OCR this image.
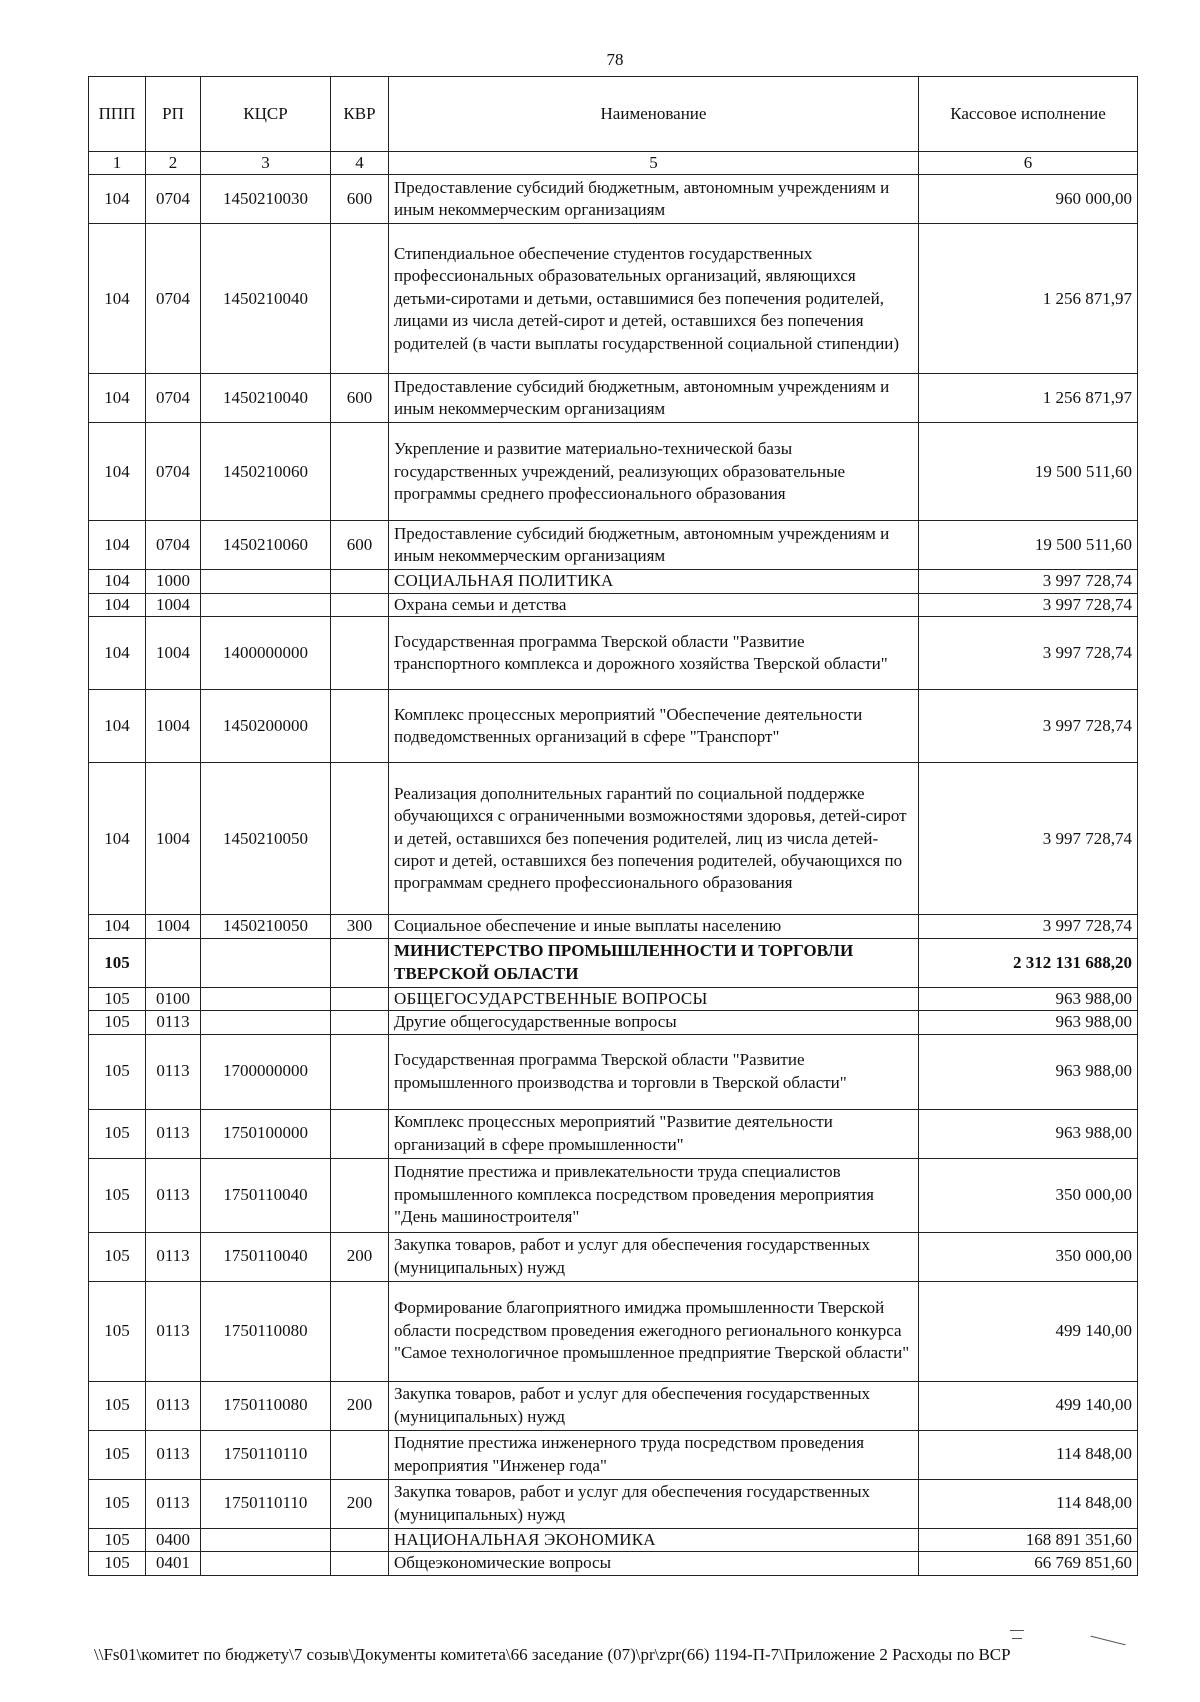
78
ППП	РП	КЦСР	КВР	Наименование	Кассовое исполнение
1	2	3	4	5	6
104	0704	1450210030	600	Предоставление субсидий бюджетным, автономным учреждениям и иным некоммерческим организациям	960 000,00
104	0704	1450210040		Стипендиальное обеспечение студентов государственных профессиональных образовательных организаций, являющихся детьми-сиротами и детьми, оставшимися без попечения родителей, лицами из числа детей-сирот и детей, оставшихся без попечения родителей (в части выплаты государственной социальной стипендии)	1 256 871,97
104	0704	1450210040	600	Предоставление субсидий бюджетным, автономным учреждениям и иным некоммерческим организациям	1 256 871,97
104	0704	1450210060		Укрепление и развитие материально-технической базы государственных учреждений, реализующих образовательные программы среднего профессионального образования	19 500 511,60
104	0704	1450210060	600	Предоставление субсидий бюджетным, автономным учреждениям и иным некоммерческим организациям	19 500 511,60
104	1000			СОЦИАЛЬНАЯ ПОЛИТИКА	3 997 728,74
104	1004			Охрана семьи и детства	3 997 728,74
104	1004	1400000000		Государственная программа Тверской области "Развитие транспортного комплекса и дорожного хозяйства Тверской области"	3 997 728,74
104	1004	1450200000		Комплекс процессных мероприятий "Обеспечение деятельности подведомственных организаций в сфере "Транспорт"	3 997 728,74
104	1004	1450210050		Реализация дополнительных гарантий по социальной поддержке обучающихся с ограниченными возможностями здоровья, детей-сирот и детей, оставшихся без попечения родителей, лиц из числа детей-сирот и детей, оставшихся без попечения родителей, обучающихся по программам среднего профессионального образования	3 997 728,74
104	1004	1450210050	300	Социальное обеспечение и иные выплаты населению	3 997 728,74
105				МИНИСТЕРСТВО ПРОМЫШЛЕННОСТИ И ТОРГОВЛИ ТВЕРСКОЙ ОБЛАСТИ	2 312 131 688,20
105	0100			ОБЩЕГОСУДАРСТВЕННЫЕ ВОПРОСЫ	963 988,00
105	0113			Другие общегосударственные вопросы	963 988,00
105	0113	1700000000		Государственная программа Тверской области "Развитие промышленного производства и торговли в Тверской области"	963 988,00
105	0113	1750100000		Комплекс процессных мероприятий "Развитие деятельности организаций в сфере промышленности"	963 988,00
105	0113	1750110040		Поднятие престижа и привлекательности труда специалистов промышленного комплекса посредством проведения мероприятия "День машиностроителя"	350 000,00
105	0113	1750110040	200	Закупка товаров, работ и услуг для обеспечения государственных (муниципальных) нужд	350 000,00
105	0113	1750110080		Формирование благоприятного имиджа промышленности Тверской области посредством проведения ежегодного регионального конкурса "Самое технологичное промышленное предприятие Тверской области"	499 140,00
105	0113	1750110080	200	Закупка товаров, работ и услуг для обеспечения государственных (муниципальных) нужд	499 140,00
105	0113	1750110110		Поднятие престижа инженерного труда посредством проведения мероприятия "Инженер года"	114 848,00
105	0113	1750110110	200	Закупка товаров, работ и услуг для обеспечения государственных (муниципальных) нужд	114 848,00
105	0400			НАЦИОНАЛЬНАЯ ЭКОНОМИКА	168 891 351,60
105	0401			Общеэкономические вопросы	66 769 851,60
\\Fs01\комитет по бюджету\7 созыв\Документы комитета\66 заседание (07)\pr\zpr(66) 1194-П-7\Приложение 2 Расходы по ВСР
